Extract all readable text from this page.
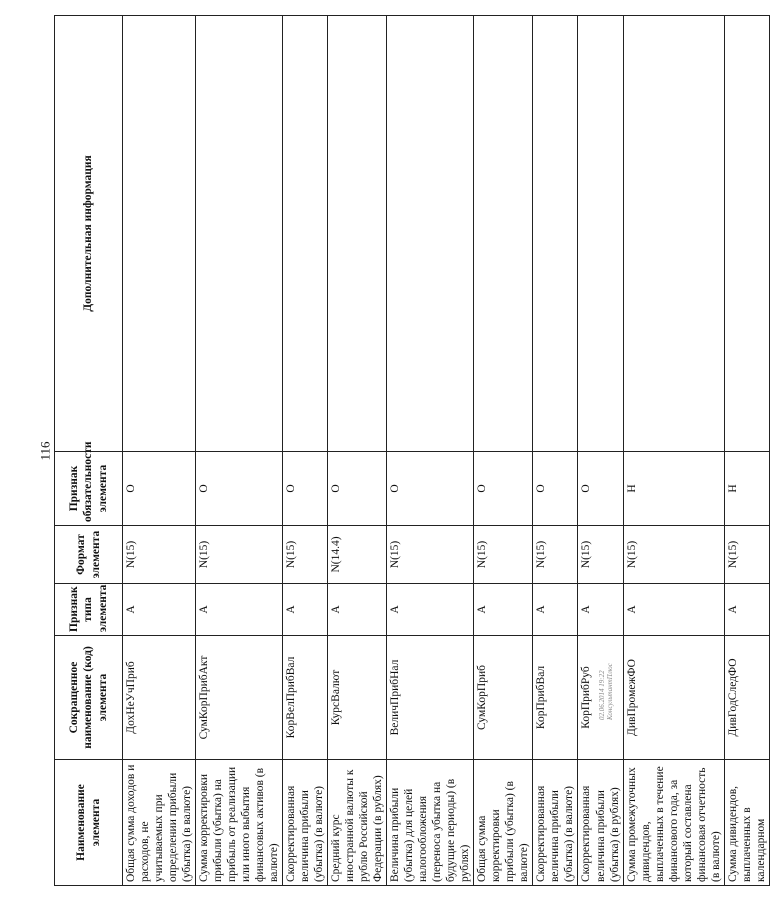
116
Наименование элемента	Сокращенное наименование (код) элемента	Признак типа элемента	Формат элемента	Признак обязательности элемента	Дополнительная информация
Общая сумма доходов и расходов, не учитываемых при определении прибыли (убытка) (в валюте)	ДохНеУчПриб	А	N(15)	О	
Сумма корректировки прибыли (убытка) на прибыль от реализации или иного выбытия финансовых активов (в валюте)	СумКорПрибАкт	А	N(15)	О	
Скорректированная величина прибыли (убытка) (в валюте)	КорВелПрибВал	А	N(15)	О	
Средний курс иностранной валюты к рублю Российской Федерации (в рублях)	КурсВалют	А	N(14.4)	О	
Величина прибыли (убытка) для целей налогообложения (переноса убытка на будущие периоды) (в рублях)	ВеличПрибНал	А	N(15)	О	
Общая сумма корректировки прибыли (убытка) (в валюте)	СумКорПриб	А	N(15)	О	
Скорректированная величина прибыли (убытка) (в валюте)	КорПрибВал	А	N(15)	О	
Скорректированная величина прибыли (убытка) (в рублях)	КорПрибРуб	А	N(15)	О	
Сумма промежуточных дивидендов, выплаченных в течение финансового года, за который составлена финансовая отчетность (в валюте)	ДивПромежФО	А	N(15)	Н	
Сумма дивидендов, выплаченных в календарном	ДивГодСледФО	А	N(15)	Н	
02.06.2014 19:22 КонсультантПлюс
